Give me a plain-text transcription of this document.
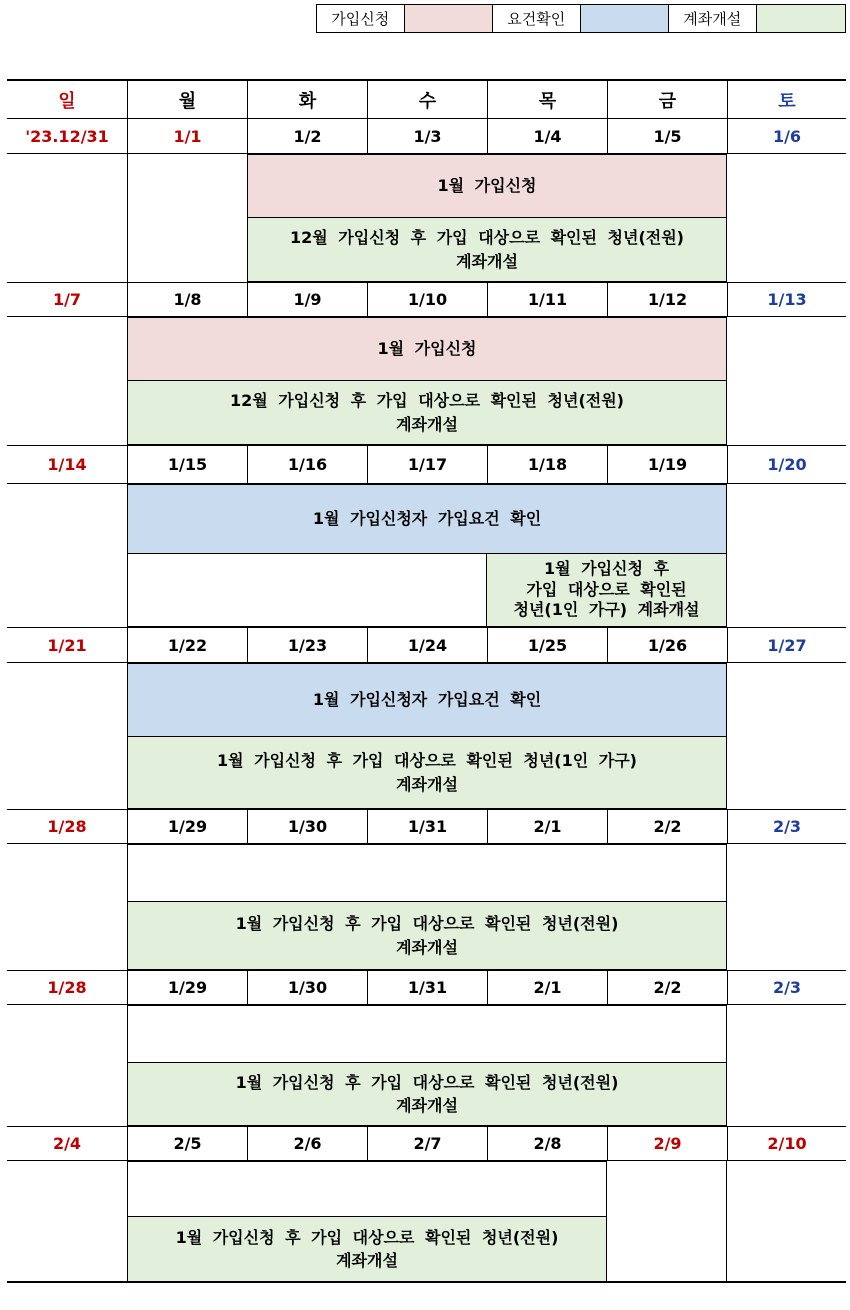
가입신청	요건확인	계좌개설
일	월	화	수	목	금	토
'23.12/31	1/1	1/2	1/3	1/4	1/5	1/6
1월 가입신청
12월 가입신청 후 가입 대상으로 확인된 청년(전원)
계좌개설
1/7	1/8	1/9	1/10	1/11	1/12	1/13
1월 가입신청
12월 가입신청 후 가입 대상으로 확인된 청년(전원)
계좌개설
1/14	1/15	1/16	1/17	1/18	1/19	1/20
1월 가입신청자 가입요건 확인
1월 가입신청 후
가입 대상으로 확인된
청년(1인 가구) 계좌개설
1/21	1/22	1/23	1/24	1/25	1/26	1/27
1월 가입신청자 가입요건 확인
1월 가입신청 후 가입 대상으로 확인된 청년(1인 가구)
계좌개설
1/28	1/29	1/30	1/31	2/1	2/2	2/3
1월 가입신청 후 가입 대상으로 확인된 청년(전원)
계좌개설
1/28	1/29	1/30	1/31	2/1	2/2	2/3
1월 가입신청 후 가입 대상으로 확인된 청년(전원)
계좌개설
2/4	2/5	2/6	2/7	2/8	2/9	2/10
1월 가입신청 후 가입 대상으로 확인된 청년(전원)
계좌개설
